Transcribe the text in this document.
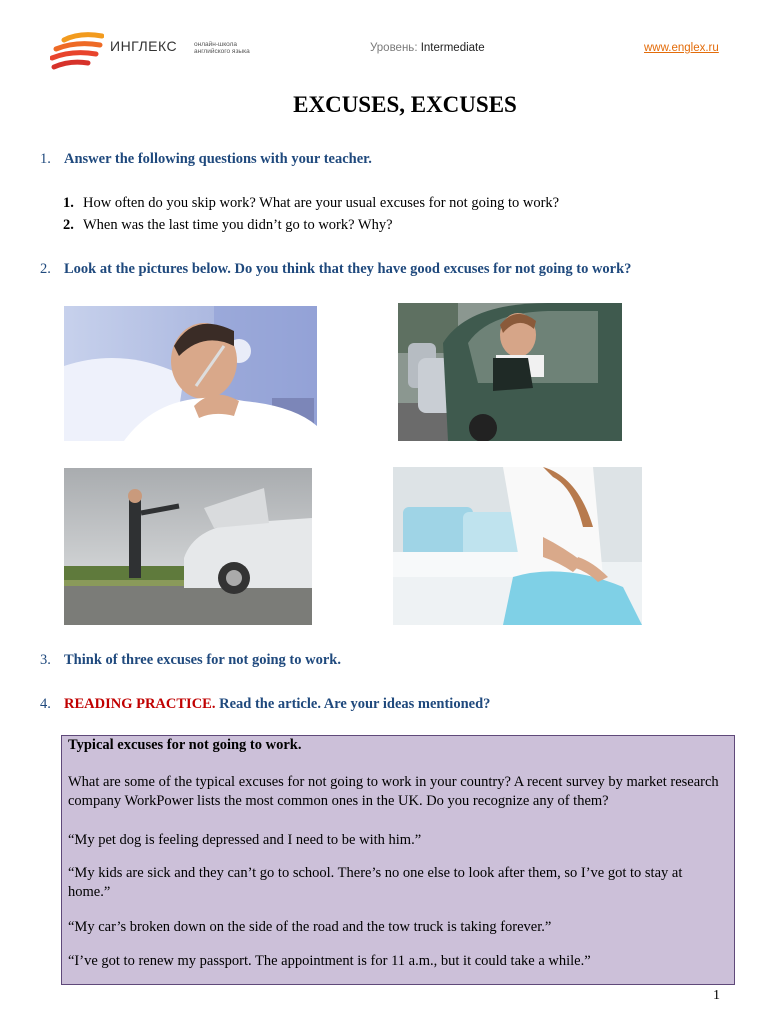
ИНГЛЕКС	онлайн-школа английского языка	Уровень: Intermediate	www.englex.ru
EXCUSES, EXCUSES
1. Answer the following questions with your teacher.
1. How often do you skip work? What are your usual excuses for not going to work?
2. When was the last time you didn’t go to work? Why?
2. Look at the pictures below. Do you think that they have good excuses for not going to work?
3. Think of three excuses for not going to work.
4. READING PRACTICE. Read the article. Are your ideas mentioned?

Typical excuses for not going to work.

What are some of the typical excuses for not going to work in your country? A recent survey by market research company WorkPower lists the most common ones in the UK. Do you recognize any of them?

“My pet dog is feeling depressed and I need to be with him.”

“My kids are sick and they can’t go to school. There’s no one else to look after them, so I’ve got to stay at home.”

“My car’s broken down on the side of the road and the tow truck is taking forever.”

“I’ve got to renew my passport. The appointment is for 11 a.m., but it could take a while.”

1
